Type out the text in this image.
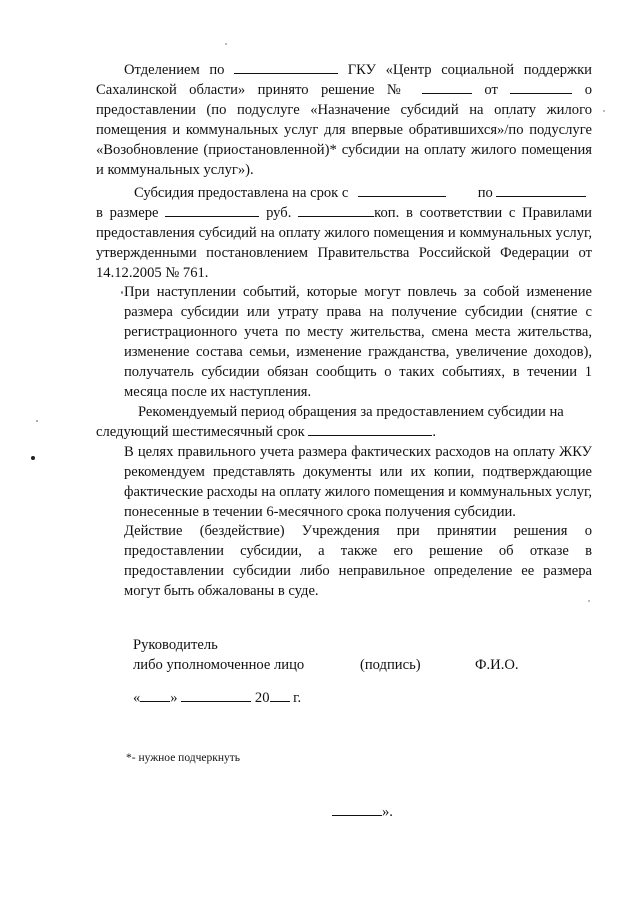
Отделением по	ГКУ «Центр социальной поддержки
Сахалинской области» принято решение №	от	о
предоставлении (по подуслуге «Назначение субсидий на оплату жилого помещения и коммунальных услуг для впервые обратившихся»/по подуслуге «Возобновление (приостановленной)* субсидии на оплату жилого помещения и коммунальных услуг»).
Субсидия предоставлена на срок с	по
в размере	руб.	коп. в соответствии с Правилами
предоставления субсидий на оплату жилого помещения и коммунальных услуг, утвержденными постановлением Правительства Российской Федерации от 14.12.2005 № 761.
При наступлении событий, которые могут повлечь за собой изменение размера субсидии или утрату права на получение субсидии (снятие с регистрационного учета по месту жительства, смена места жительства, изменение состава семьи, изменение гражданства, увеличение доходов), получатель субсидии обязан сообщить о таких событиях, в течении 1 месяца после их наступления.
Рекомендуемый период обращения за предоставлением субсидии на
следующий шестимесячный срок	.
В целях правильного учета размера фактических расходов на оплату ЖКУ рекомендуем представлять документы или их копии, подтверждающие фактические расходы на оплату жилого помещения и коммунальных услуг, понесенные в течении 6-месячного срока получения субсидии.
Действие (бездействие) Учреждения при принятии решения о предоставлении субсидии, а также его решение об отказе в предоставлении субсидии либо неправильное определение ее размера могут быть обжалованы в суде.
Руководитель
либо уполномоченное лицо	(подпись)	Ф.И.О.
« »	20 г.
*- нужное подчеркнуть
».
